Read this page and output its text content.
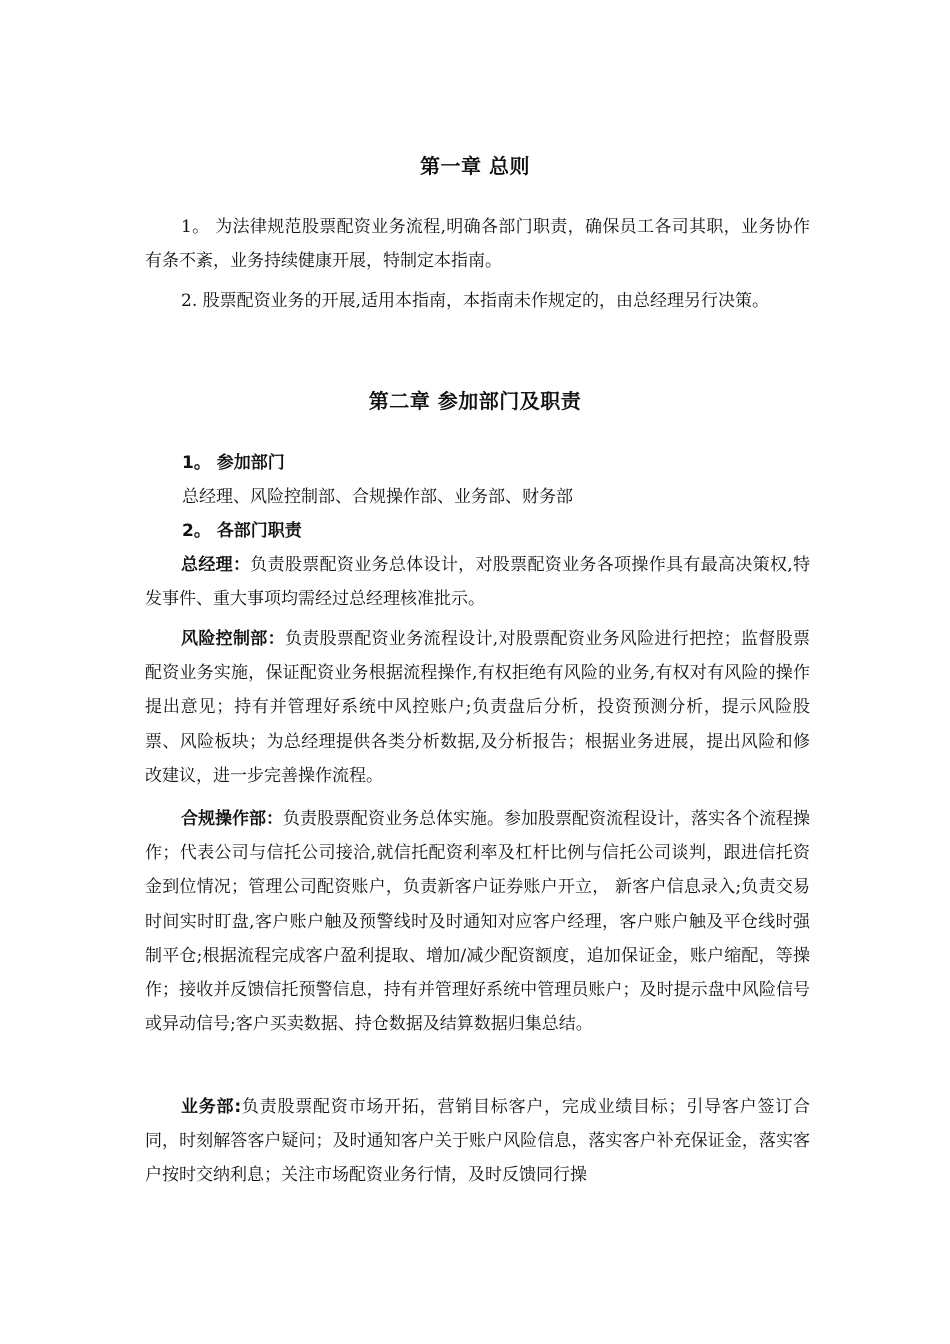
第一章 总则

1。 为法律规范股票配资业务流程,明确各部门职责，确保员工各司其职，业务协作有条不紊，业务持续健康开展，特制定本指南。

2. 股票配资业务的开展,适用本指南，本指南未作规定的，由总经理另行决策。

第二章 参加部门及职责
1。 参加部门
总经理、风险控制部、合规操作部、业务部、财务部
2。 各部门职责

总经理：负责股票配资业务总体设计，对股票配资业务各项操作具有最高决策权,特发事件、重大事项均需经过总经理核准批示。

风险控制部：负责股票配资业务流程设计,对股票配资业务风险进行把控；监督股票配资业务实施，保证配资业务根据流程操作,有权拒绝有风险的业务,有权对有风险的操作提出意见；持有并管理好系统中风控账户;负责盘后分析，投资预测分析，提示风险股票、风险板块；为总经理提供各类分析数据,及分析报告；根据业务进展，提出风险和修改建议，进一步完善操作流程。

合规操作部：负责股票配资业务总体实施。参加股票配资流程设计，落实各个流程操作；代表公司与信托公司接洽,就信托配资利率及杠杆比例与信托公司谈判，跟进信托资金到位情况；管理公司配资账户，负责新客户证券账户开立， 新客户信息录入;负责交易时间实时盯盘,客户账户触及预警线时及时通知对应客户经理，客户账户触及平仓线时强制平仓;根据流程完成客户盈利提取、增加/减少配资额度，追加保证金，账户缩配，等操作；接收并反馈信托预警信息，持有并管理好系统中管理员账户；及时提示盘中风险信号或异动信号;客户买卖数据、持仓数据及结算数据归集总结。

业务部:负责股票配资市场开拓，营销目标客户，完成业绩目标；引导客户签订合同，时刻解答客户疑问；及时通知客户关于账户风险信息，落实客户补充保证金，落实客户按时交纳利息；关注市场配资业务行情，及时反馈同行操
